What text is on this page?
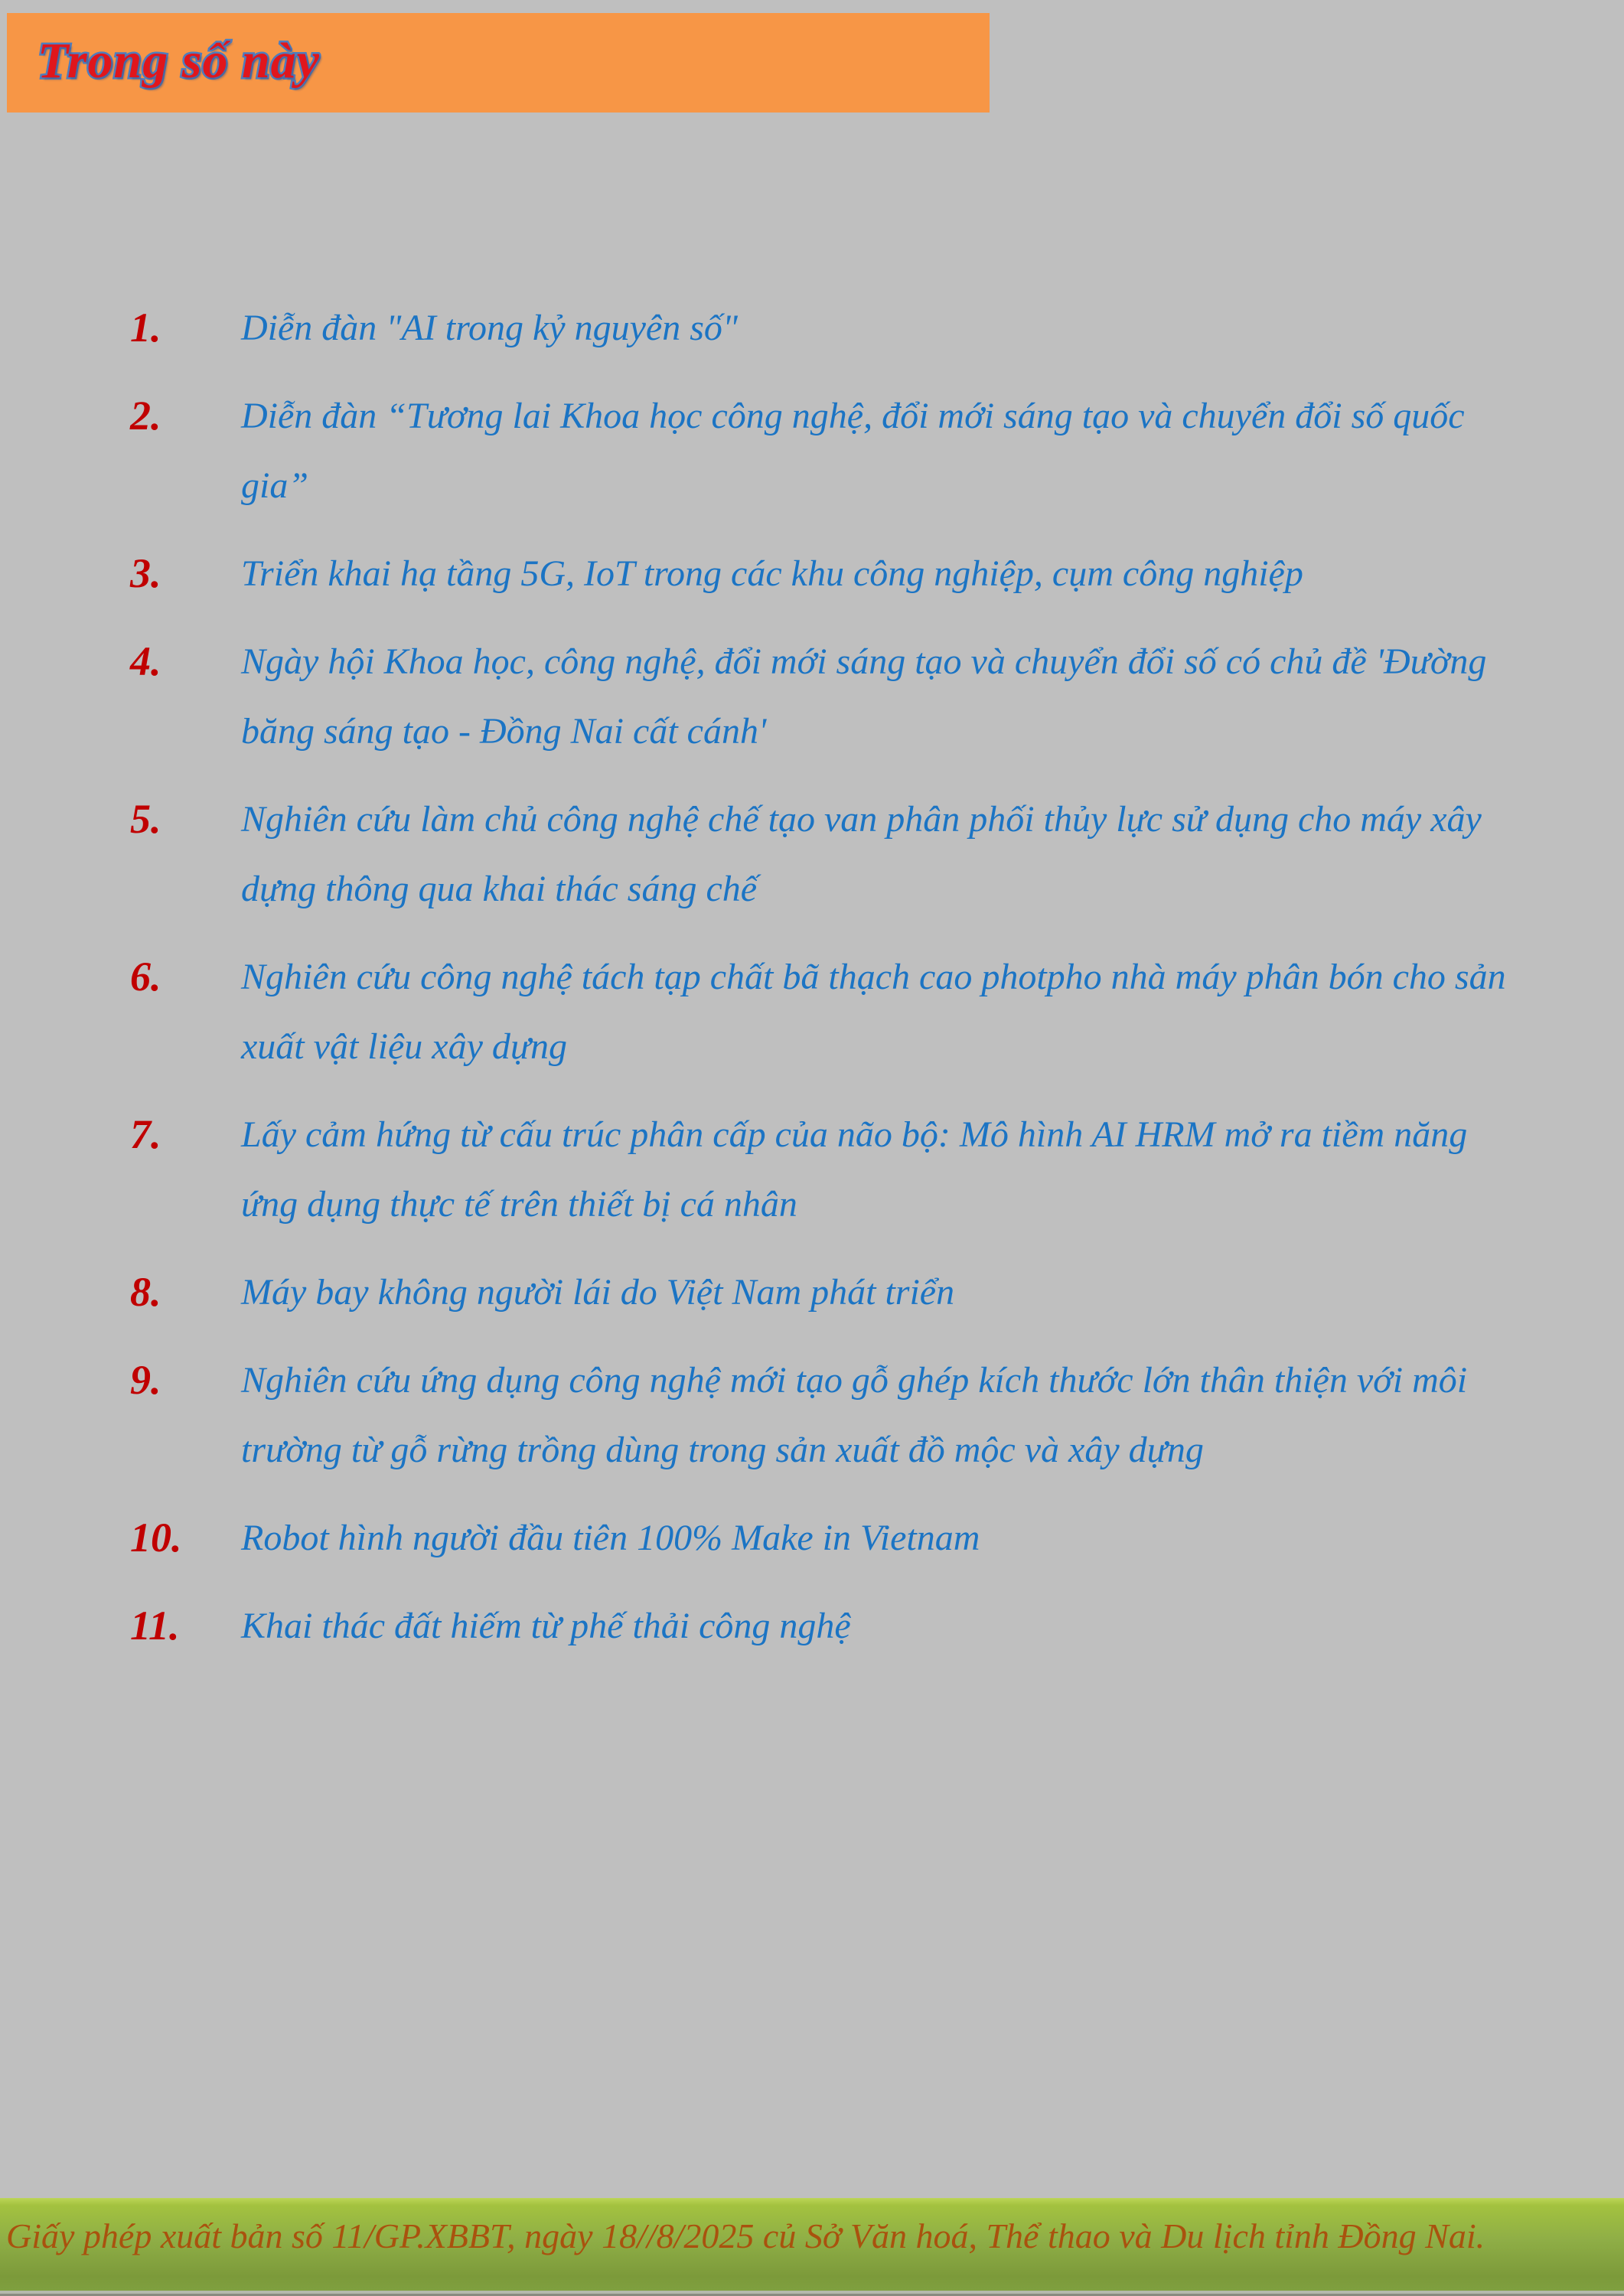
Trong số này
1.	Diễn đàn "AI trong kỷ nguyên số"
2.	Diễn đàn “Tương lai Khoa học công nghệ, đổi mới sáng tạo và chuyển đổi số quốc gia”
3.	Triển khai hạ tầng 5G, IoT trong các khu công nghiệp, cụm công nghiệp
4.	Ngày hội Khoa học, công nghệ, đổi mới sáng tạo và chuyển đổi số có chủ đề 'Đường băng sáng tạo - Đồng Nai cất cánh'
5.	Nghiên cứu làm chủ công nghệ chế tạo van phân phối thủy lực sử dụng cho máy xây dựng thông qua khai thác sáng chế
6.	Nghiên cứu công nghệ tách tạp chất bã thạch cao photpho nhà máy phân bón cho sản xuất vật liệu xây dựng
7.	Lấy cảm hứng từ cấu trúc phân cấp của não bộ: Mô hình AI HRM mở ra tiềm năng ứng dụng thực tế trên thiết bị cá nhân
8.	Máy bay không người lái do Việt Nam phát triển
9.	Nghiên cứu ứng dụng công nghệ mới tạo gỗ ghép kích thước lớn thân thiện với môi trường từ gỗ rừng trồng dùng trong sản xuất đồ mộc và xây dựng
10.	Robot hình người đầu tiên 100% Make in Vietnam
11.	Khai thác đất hiếm từ phế thải công nghệ

Giấy phép xuất bản số 11/GP.XBBT, ngày 18//8/2025 củ Sở Văn hoá, Thể thao và Du lịch tỉnh Đồng Nai.
